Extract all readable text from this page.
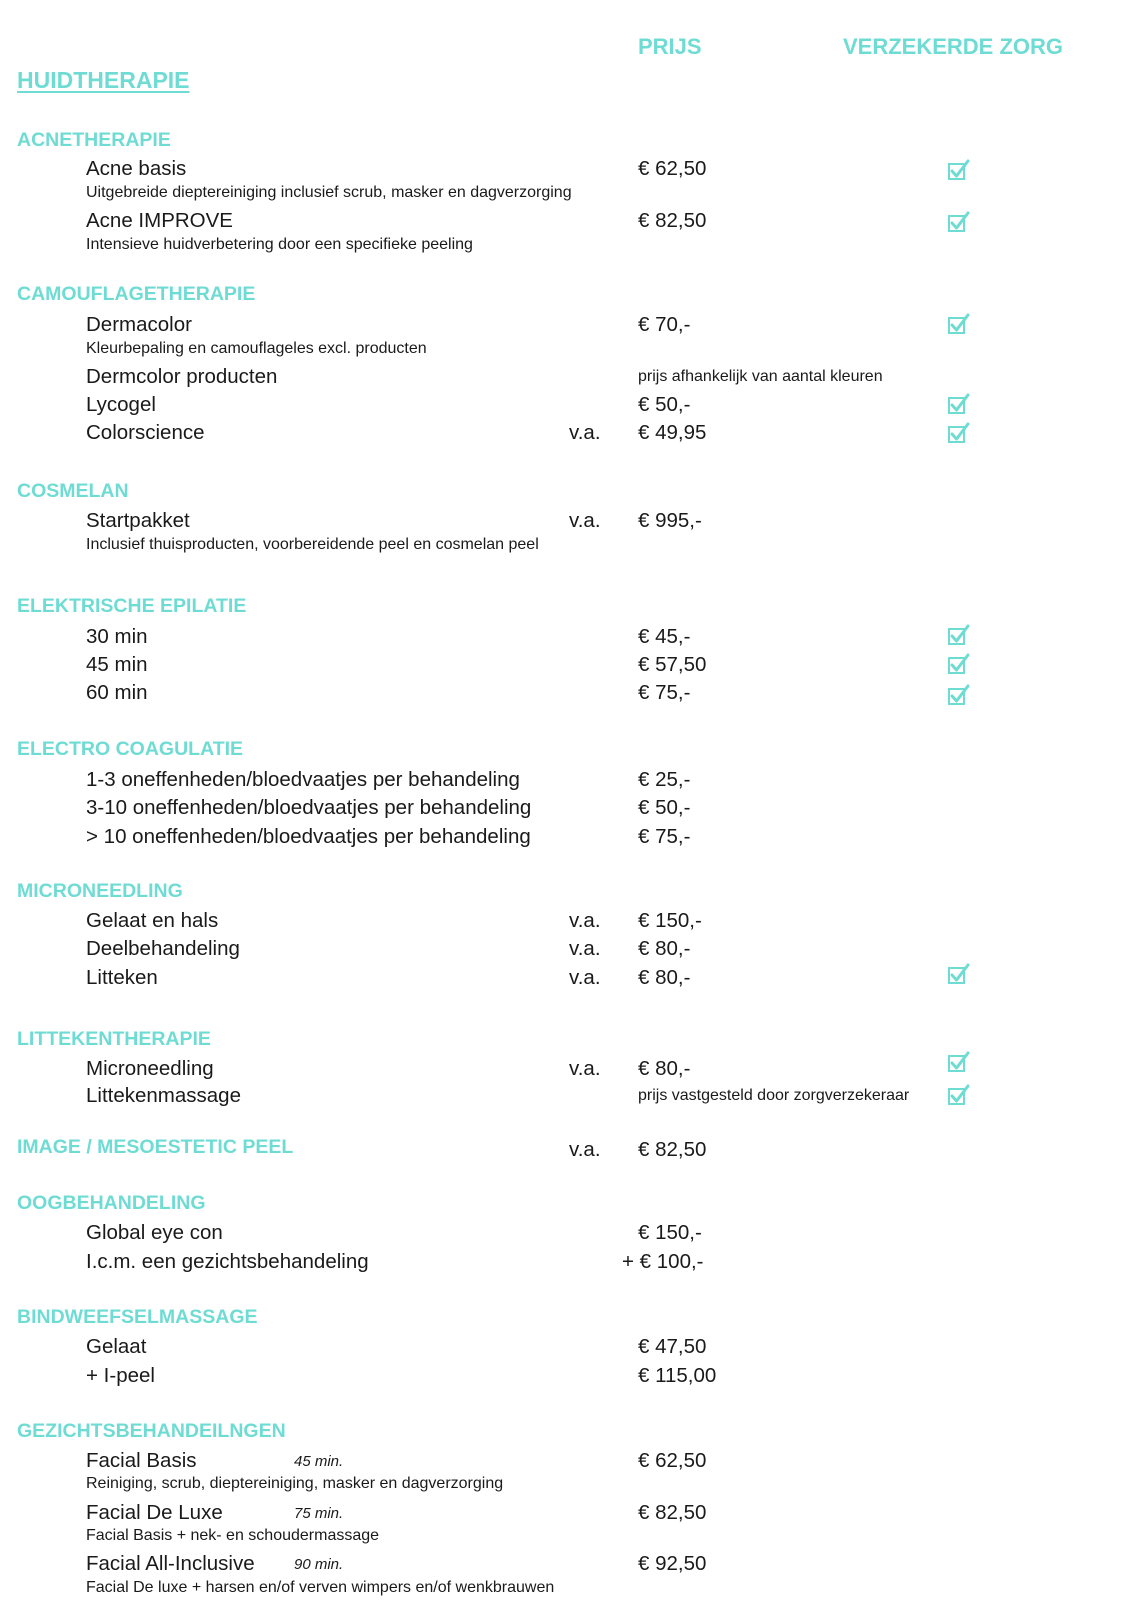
PRIJS	VERZEKERDE ZORG
HUIDTHERAPIE
ACNETHERAPIE
Acne basis	€ 62,50
Uitgebreide dieptereiniging inclusief scrub, masker en dagverzorging
Acne IMPROVE	€ 82,50
Intensieve huidverbetering door een specifieke peeling
CAMOUFLAGETHERAPIE
Dermacolor	€ 70,-
Kleurbepaling en camouflageles excl. producten
Dermcolor producten	prijs afhankelijk van aantal kleuren
Lycogel	€ 50,-
Colorscience	v.a. € 49,95
COSMELAN
Startpakket	v.a. € 995,-
Inclusief thuisproducten, voorbereidende peel en cosmelan peel
ELEKTRISCHE EPILATIE
30 min	€ 45,-
45 min	€ 57,50
60 min	€ 75,-
ELECTRO COAGULATIE
1-3 oneffenheden/bloedvaatjes per behandeling	€ 25,-
3-10 oneffenheden/bloedvaatjes per behandeling	€ 50,-
> 10 oneffenheden/bloedvaatjes per behandeling	€ 75,-
MICRONEEDLING
Gelaat en hals	v.a. € 150,-
Deelbehandeling	v.a. € 80,-
Litteken	v.a. € 80,-
LITTEKENTHERAPIE
Microneedling	v.a. € 80,-
Littekenmassage	prijs vastgesteld door zorgverzekeraar
IMAGE / MESOESTETIC PEEL	v.a. € 82,50
OOGBEHANDELING
Global eye con	€ 150,-
I.c.m. een gezichtsbehandeling	+ € 100,-
BINDWEEFSELMASSAGE
Gelaat	€ 47,50
+ I-peel	€ 115,00
GEZICHTSBEHANDEILNGEN
Facial Basis	45 min.	€ 62,50
Reiniging, scrub, dieptereiniging, masker en dagverzorging
Facial De Luxe	75 min.	€ 82,50
Facial Basis + nek- en schoudermassage
Facial All-Inclusive	90 min.	€ 92,50
Facial De luxe + harsen en/of verven wimpers en/of wenkbrauwen
